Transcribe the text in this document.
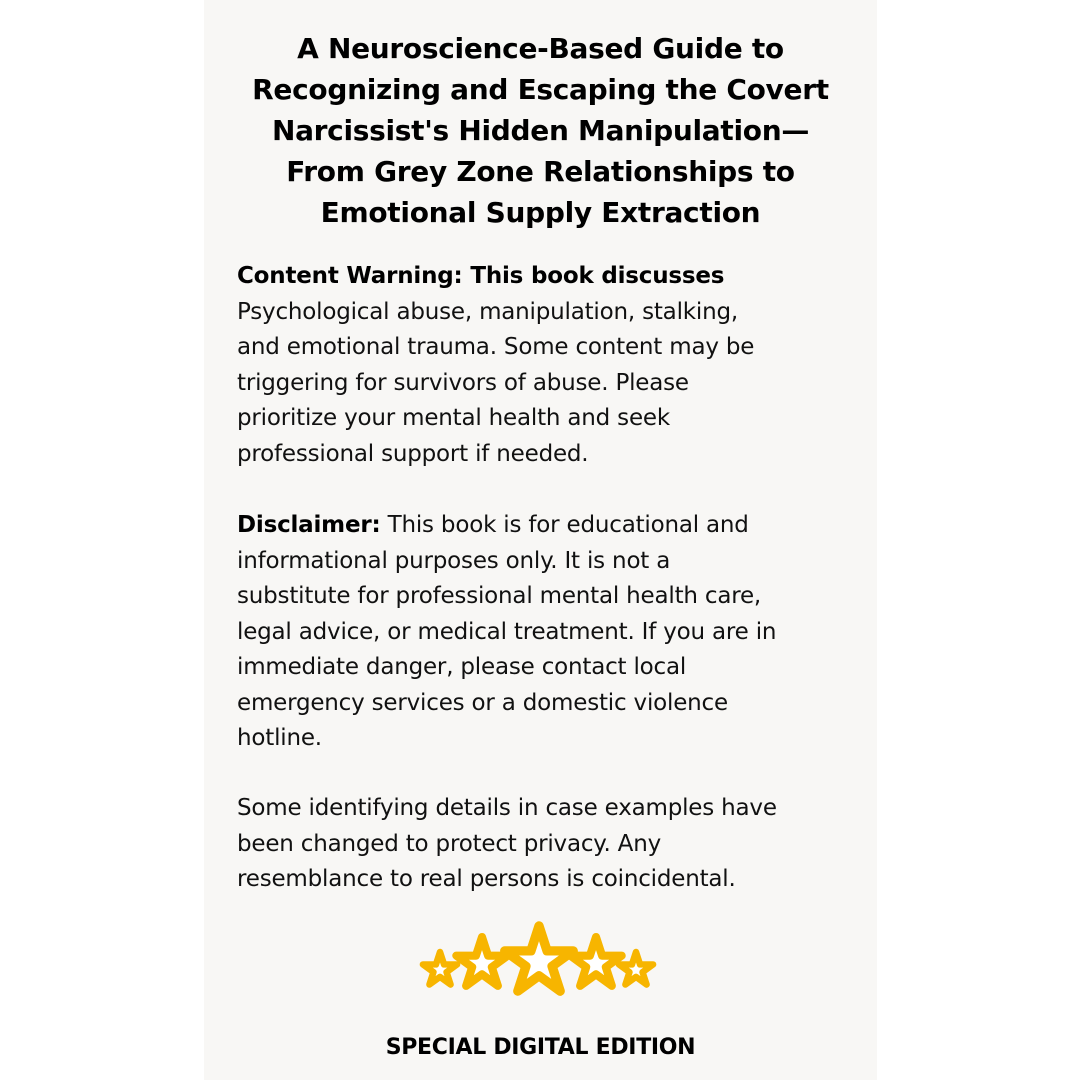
A Neuroscience-Based Guide to
Recognizing and Escaping the Covert
Narcissist's Hidden Manipulation—
From Grey Zone Relationships to
Emotional Supply Extraction

Content Warning: This book discusses
Psychological abuse, manipulation, stalking,
and emotional trauma. Some content may be
triggering for survivors of abuse. Please
prioritize your mental health and seek
professional support if needed.

Disclaimer: This book is for educational and
informational purposes only. It is not a
substitute for professional mental health care,
legal advice, or medical treatment. If you are in
immediate danger, please contact local
emergency services or a domestic violence
hotline.

Some identifying details in case examples have
been changed to protect privacy. Any
resemblance to real persons is coincidental.

SPECIAL DIGITAL EDITION
